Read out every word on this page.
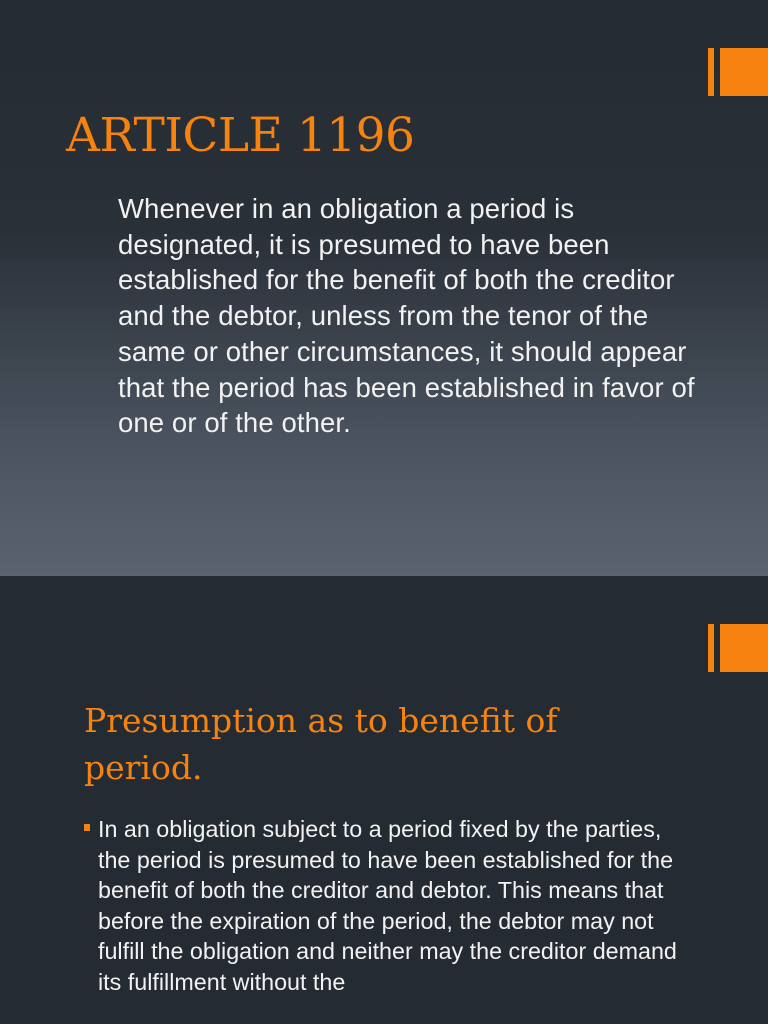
ARTICLE 1196

Whenever in an obligation a period is designated, it is presumed to have been established for the benefit of both the creditor and the debtor, unless from the tenor of the same or other circumstances, it should appear that the period has been established in favor of one or of the other.

Presumption as to benefit of period.
In an obligation subject to a period fixed by the parties, the period is presumed to have been established for the benefit of both the creditor and debtor. This means that before the expiration of the period, the debtor may not fulfill the obligation and neither may the creditor demand its fulfillment without the
